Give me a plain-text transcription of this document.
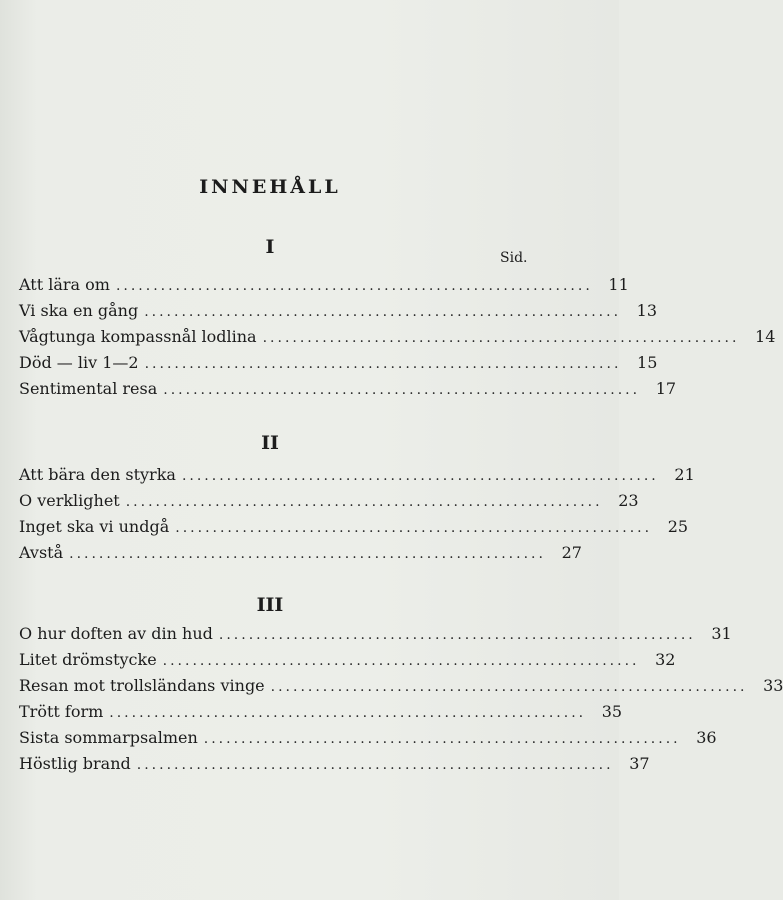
INNEHÅLL
I	Sid.
Att lära om ................................................................ 11
Vi ska en gång ................................................................ 13
Vågtunga kompassnål lodlina ................................................................ 14
Död — liv 1—2 ................................................................ 15
Sentimental resa ................................................................ 17
II
Att bära den styrka ................................................................ 21
O verklighet ................................................................ 23
Inget ska vi undgå ................................................................ 25
Avstå ................................................................ 27
III
O hur doften av din hud ................................................................ 31
Litet drömstycke ................................................................ 32
Resan mot trollsländans vinge ................................................................ 33
Trött form ................................................................ 35
Sista sommarpsalmen ................................................................ 36
Höstlig brand ................................................................ 37
